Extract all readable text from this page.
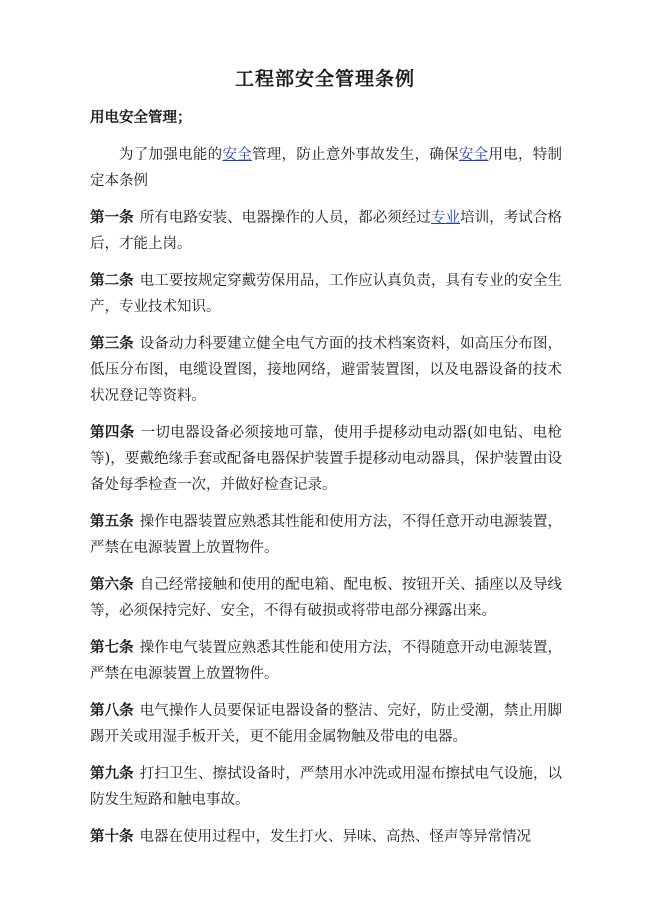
工程部安全管理条例
用电安全管理；

为了加强电能的安全管理，防止意外事故发生，确保安全用电，特制定本条例

第一条 所有电路安装、电器操作的人员，都必须经过专业培训，考试合格后，才能上岗。

第二条 电工要按规定穿戴劳保用品，工作应认真负责，具有专业的安全生产，专业技术知识。

第三条 设备动力科要建立健全电气方面的技术档案资料，如高压分布图，低压分布图，电缆设置图，接地网络，避雷装置图，以及电器设备的技术状况登记等资料。

第四条 一切电器设备必须接地可靠，使用手提移动电动器(如电钻、电枪等)，要戴绝缘手套或配备电器保护装置手提移动电动器具，保护装置由设备处每季检查一次，并做好检查记录。

第五条 操作电器装置应熟悉其性能和使用方法，不得任意开动电源装置，严禁在电源装置上放置物件。

第六条 自己经常接触和使用的配电箱、配电板、按钮开关、插座以及导线等，必须保持完好、安全，不得有破损或将带电部分裸露出来。

第七条 操作电气装置应熟悉其性能和使用方法，不得随意开动电源装置，严禁在电源装置上放置物件。

第八条 电气操作人员要保证电器设备的整洁、完好，防止受潮，禁止用脚踢开关或用湿手板开关，更不能用金属物触及带电的电器。

第九条 打扫卫生、擦拭设备时，严禁用水冲洗或用湿布擦拭电气设施，以防发生短路和触电事故。

第十条 电器在使用过程中，发生打火、异味、高热、怪声等异常情况
